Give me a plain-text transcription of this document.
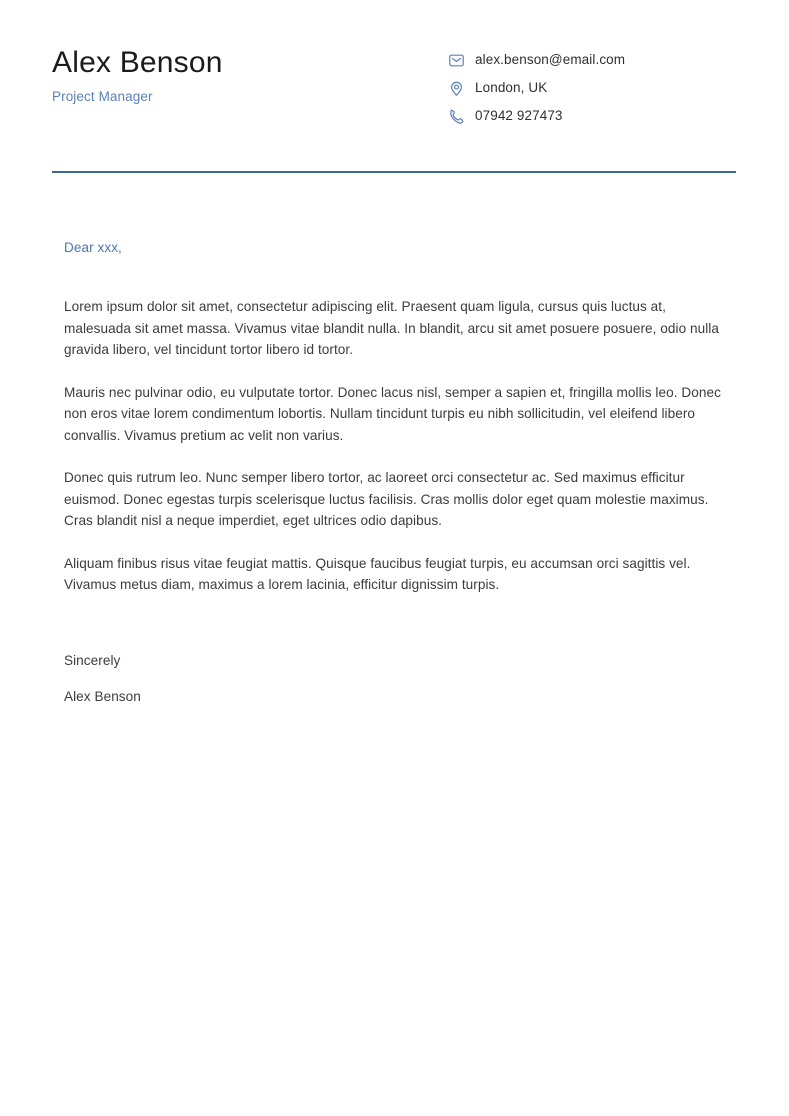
Alex Benson
Project Manager
alex.benson@email.com
London, UK
07942 927473
Dear xxx,

Lorem ipsum dolor sit amet, consectetur adipiscing elit. Praesent quam ligula, cursus quis luctus at, malesuada sit amet massa. Vivamus vitae blandit nulla. In blandit, arcu sit amet posuere posuere, odio nulla gravida libero, vel tincidunt tortor libero id tortor.

Mauris nec pulvinar odio, eu vulputate tortor. Donec lacus nisl, semper a sapien et, fringilla mollis leo. Donec non eros vitae lorem condimentum lobortis. Nullam tincidunt turpis eu nibh sollicitudin, vel eleifend libero convallis. Vivamus pretium ac velit non varius.

Donec quis rutrum leo. Nunc semper libero tortor, ac laoreet orci consectetur ac. Sed maximus efficitur euismod. Donec egestas turpis scelerisque luctus facilisis. Cras mollis dolor eget quam molestie maximus. Cras blandit nisl a neque imperdiet, eget ultrices odio dapibus.

Aliquam finibus risus vitae feugiat mattis. Quisque faucibus feugiat turpis, eu accumsan orci sagittis vel. Vivamus metus diam, maximus a lorem lacinia, efficitur dignissim turpis.

Sincerely
Alex Benson
